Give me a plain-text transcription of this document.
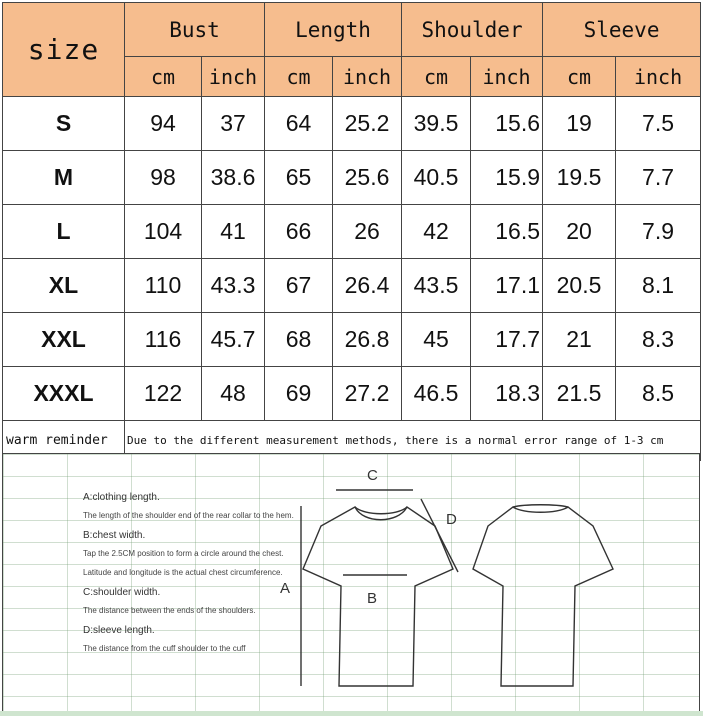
size	Bust		Length		Shoulder		Sleeve	
	cm	inch	cm	inch	cm	inch	cm	inch
S	94	37	64	25.2	39.5	15.6	19	7.5
M	98	38.6	65	25.6	40.5	15.9	19.5	7.7
L	104	41	66	26	42	16.5	20	7.9
XL	110	43.3	67	26.4	43.5	17.1	20.5	8.1
XXL	116	45.7	68	26.8	45	17.7	21	8.3
XXXL	122	48	69	27.2	46.5	18.3	21.5	8.5
warm reminder	Due to the different measurement methods, there is a normal error range of 1-3 cm							
A:clothing length.
The length of the shoulder end of the rear collar to the hem.
B:chest width.
Tap the 2.5CM position to form a circle around the chest.
Latitude and longitude is the actual chest circumference.
C:shoulder width.
The distance between the ends of the shoulders.
D:sleeve length.
The distance from the cuff shoulder to the cuff
C
B
A
D
